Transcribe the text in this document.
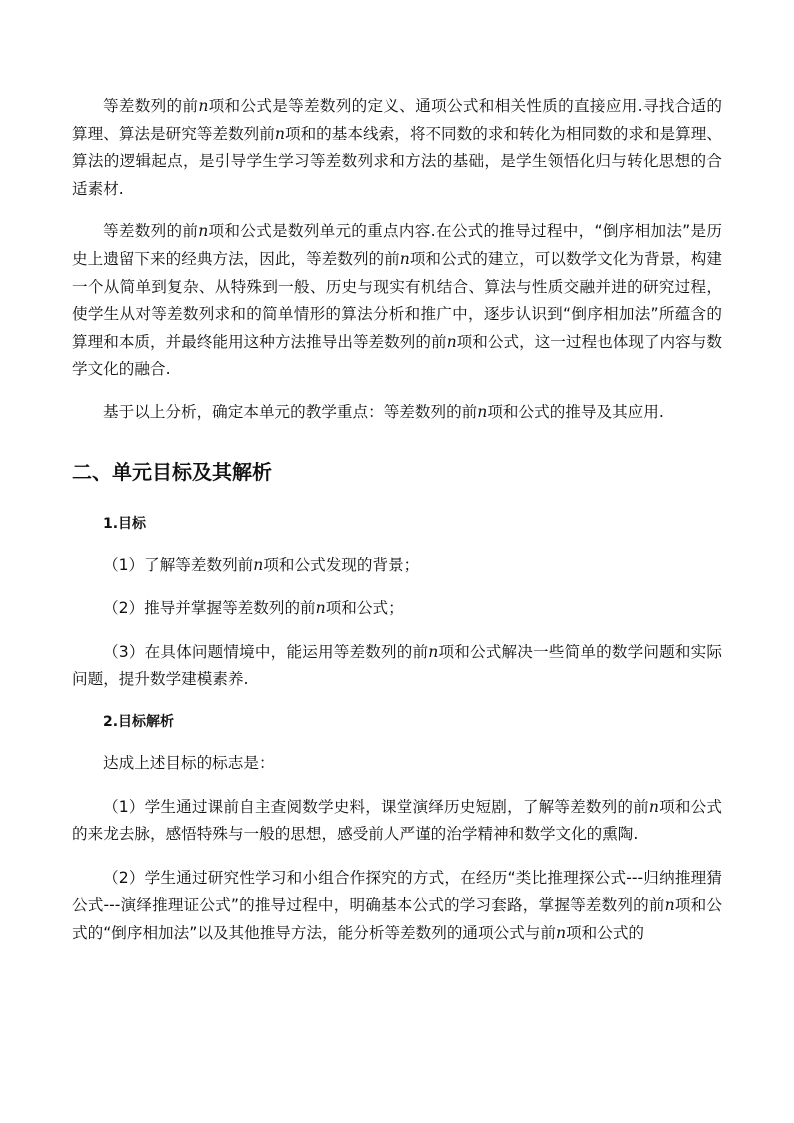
等差数列的前n项和公式是等差数列的定义、通项公式和相关性质的直接应用.寻找合适的算理、算法是研究等差数列前n项和的基本线索，将不同数的求和转化为相同数的求和是算理、算法的逻辑起点，是引导学生学习等差数列求和方法的基础，是学生领悟化归与转化思想的合适素材.

等差数列的前n项和公式是数列单元的重点内容.在公式的推导过程中，“倒序相加法”是历史上遗留下来的经典方法，因此，等差数列的前n项和公式的建立，可以数学文化为背景，构建一个从简单到复杂、从特殊到一般、历史与现实有机结合、算法与性质交融并进的研究过程，使学生从对等差数列求和的简单情形的算法分析和推广中，逐步认识到“倒序相加法”所蕴含的算理和本质，并最终能用这种方法推导出等差数列的前n项和公式，这一过程也体现了内容与数学文化的融合.

基于以上分析，确定本单元的教学重点：等差数列的前n项和公式的推导及其应用.

二、单元目标及其解析
1.目标

（1）了解等差数列前n项和公式发现的背景；

（2）推导并掌握等差数列的前n项和公式；

（3）在具体问题情境中，能运用等差数列的前n项和公式解决一些简单的数学问题和实际问题，提升数学建模素养.

2.目标解析

达成上述目标的标志是：

（1）学生通过课前自主查阅数学史料，课堂演绎历史短剧，了解等差数列的前n项和公式的来龙去脉，感悟特殊与一般的思想，感受前人严谨的治学精神和数学文化的熏陶.

（2）学生通过研究性学习和小组合作探究的方式，在经历“类比推理探公式---归纳推理猜公式---演绎推理证公式”的推导过程中，明确基本公式的学习套路，掌握等差数列的前n项和公式的“倒序相加法”以及其他推导方法，能分析等差数列的通项公式与前n项和公式的
